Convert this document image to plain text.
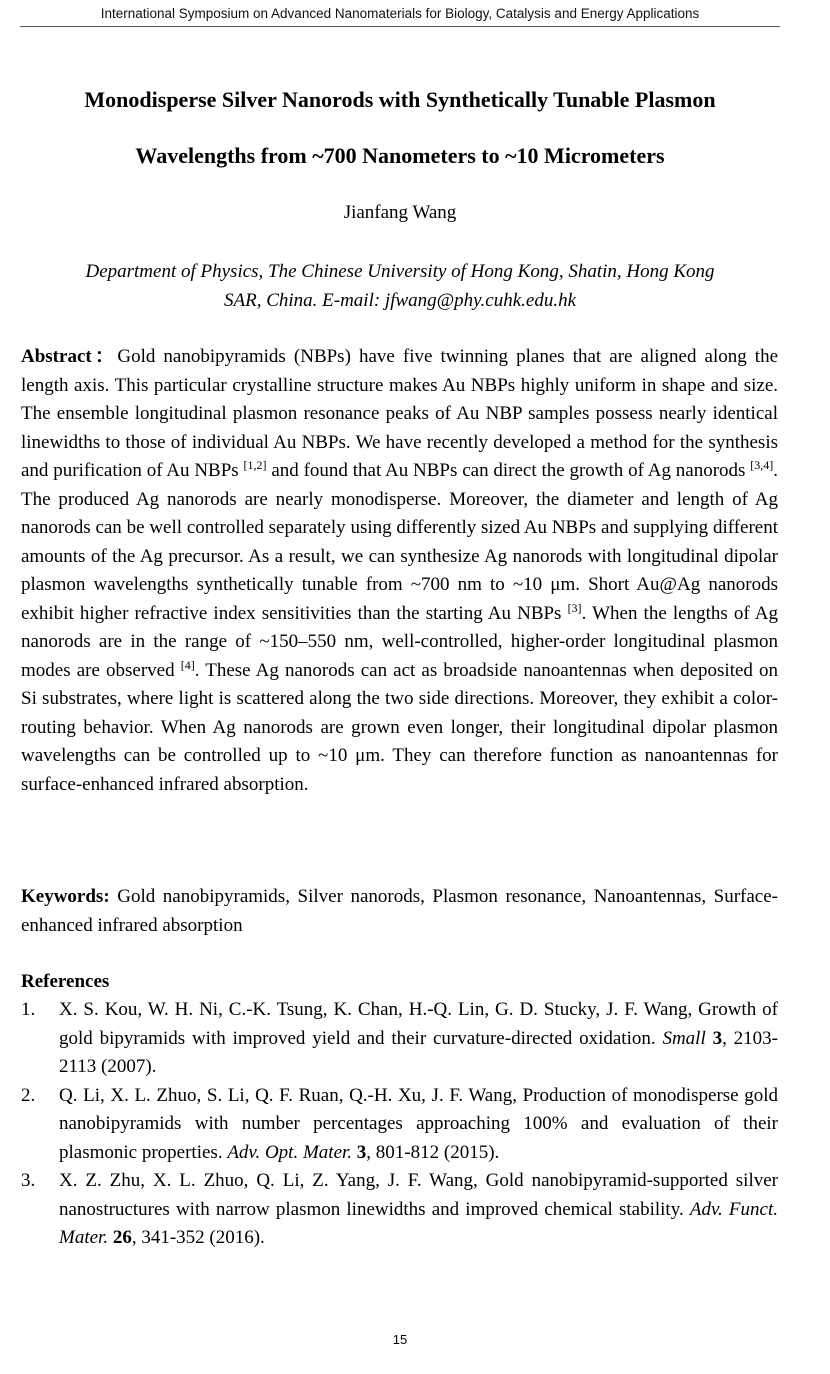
International Symposium on Advanced Nanomaterials for Biology, Catalysis and Energy Applications
Monodisperse Silver Nanorods with Synthetically Tunable Plasmon
Wavelengths from ~700 Nanometers to ~10 Micrometers
Jianfang Wang
Department of Physics, The Chinese University of Hong Kong, Shatin, Hong Kong
SAR, China. E-mail: jfwang@phy.cuhk.edu.hk
Abstract：Gold nanobipyramids (NBPs) have five twinning planes that are aligned along the length axis. This particular crystalline structure makes Au NBPs highly uniform in shape and size. The ensemble longitudinal plasmon resonance peaks of Au NBP samples possess nearly identical linewidths to those of individual Au NBPs. We have recently developed a method for the synthesis and purification of Au NBPs [1,2] and found that Au NBPs can direct the growth of Ag nanorods [3,4]. The produced Ag nanorods are nearly monodisperse. Moreover, the diameter and length of Ag nanorods can be well controlled separately using differently sized Au NBPs and supplying different amounts of the Ag precursor. As a result, we can synthesize Ag nanorods with longitudinal dipolar plasmon wavelengths synthetically tunable from ~700 nm to ~10 μm. Short Au@Ag nanorods exhibit higher refractive index sensitivities than the starting Au NBPs [3]. When the lengths of Ag nanorods are in the range of ~150–550 nm, well-controlled, higher-order longitudinal plasmon modes are observed [4]. These Ag nanorods can act as broadside nanoantennas when deposited on Si substrates, where light is scattered along the two side directions. Moreover, they exhibit a color-routing behavior. When Ag nanorods are grown even longer, their longitudinal dipolar plasmon wavelengths can be controlled up to ~10 μm. They can therefore function as nanoantennas for surface-enhanced infrared absorption.
Keywords: Gold nanobipyramids, Silver nanorods, Plasmon resonance, Nanoantennas, Surface-enhanced infrared absorption
References
1. X. S. Kou, W. H. Ni, C.-K. Tsung, K. Chan, H.-Q. Lin, G. D. Stucky, J. F. Wang, Growth of gold bipyramids with improved yield and their curvature-directed oxidation. Small 3, 2103-2113 (2007).
2. Q. Li, X. L. Zhuo, S. Li, Q. F. Ruan, Q.-H. Xu, J. F. Wang, Production of monodisperse gold nanobipyramids with number percentages approaching 100% and evaluation of their plasmonic properties. Adv. Opt. Mater. 3, 801-812 (2015).
3. X. Z. Zhu, X. L. Zhuo, Q. Li, Z. Yang, J. F. Wang, Gold nanobipyramid-supported silver nanostructures with narrow plasmon linewidths and improved chemical stability. Adv. Funct. Mater. 26, 341-352 (2016).
15
